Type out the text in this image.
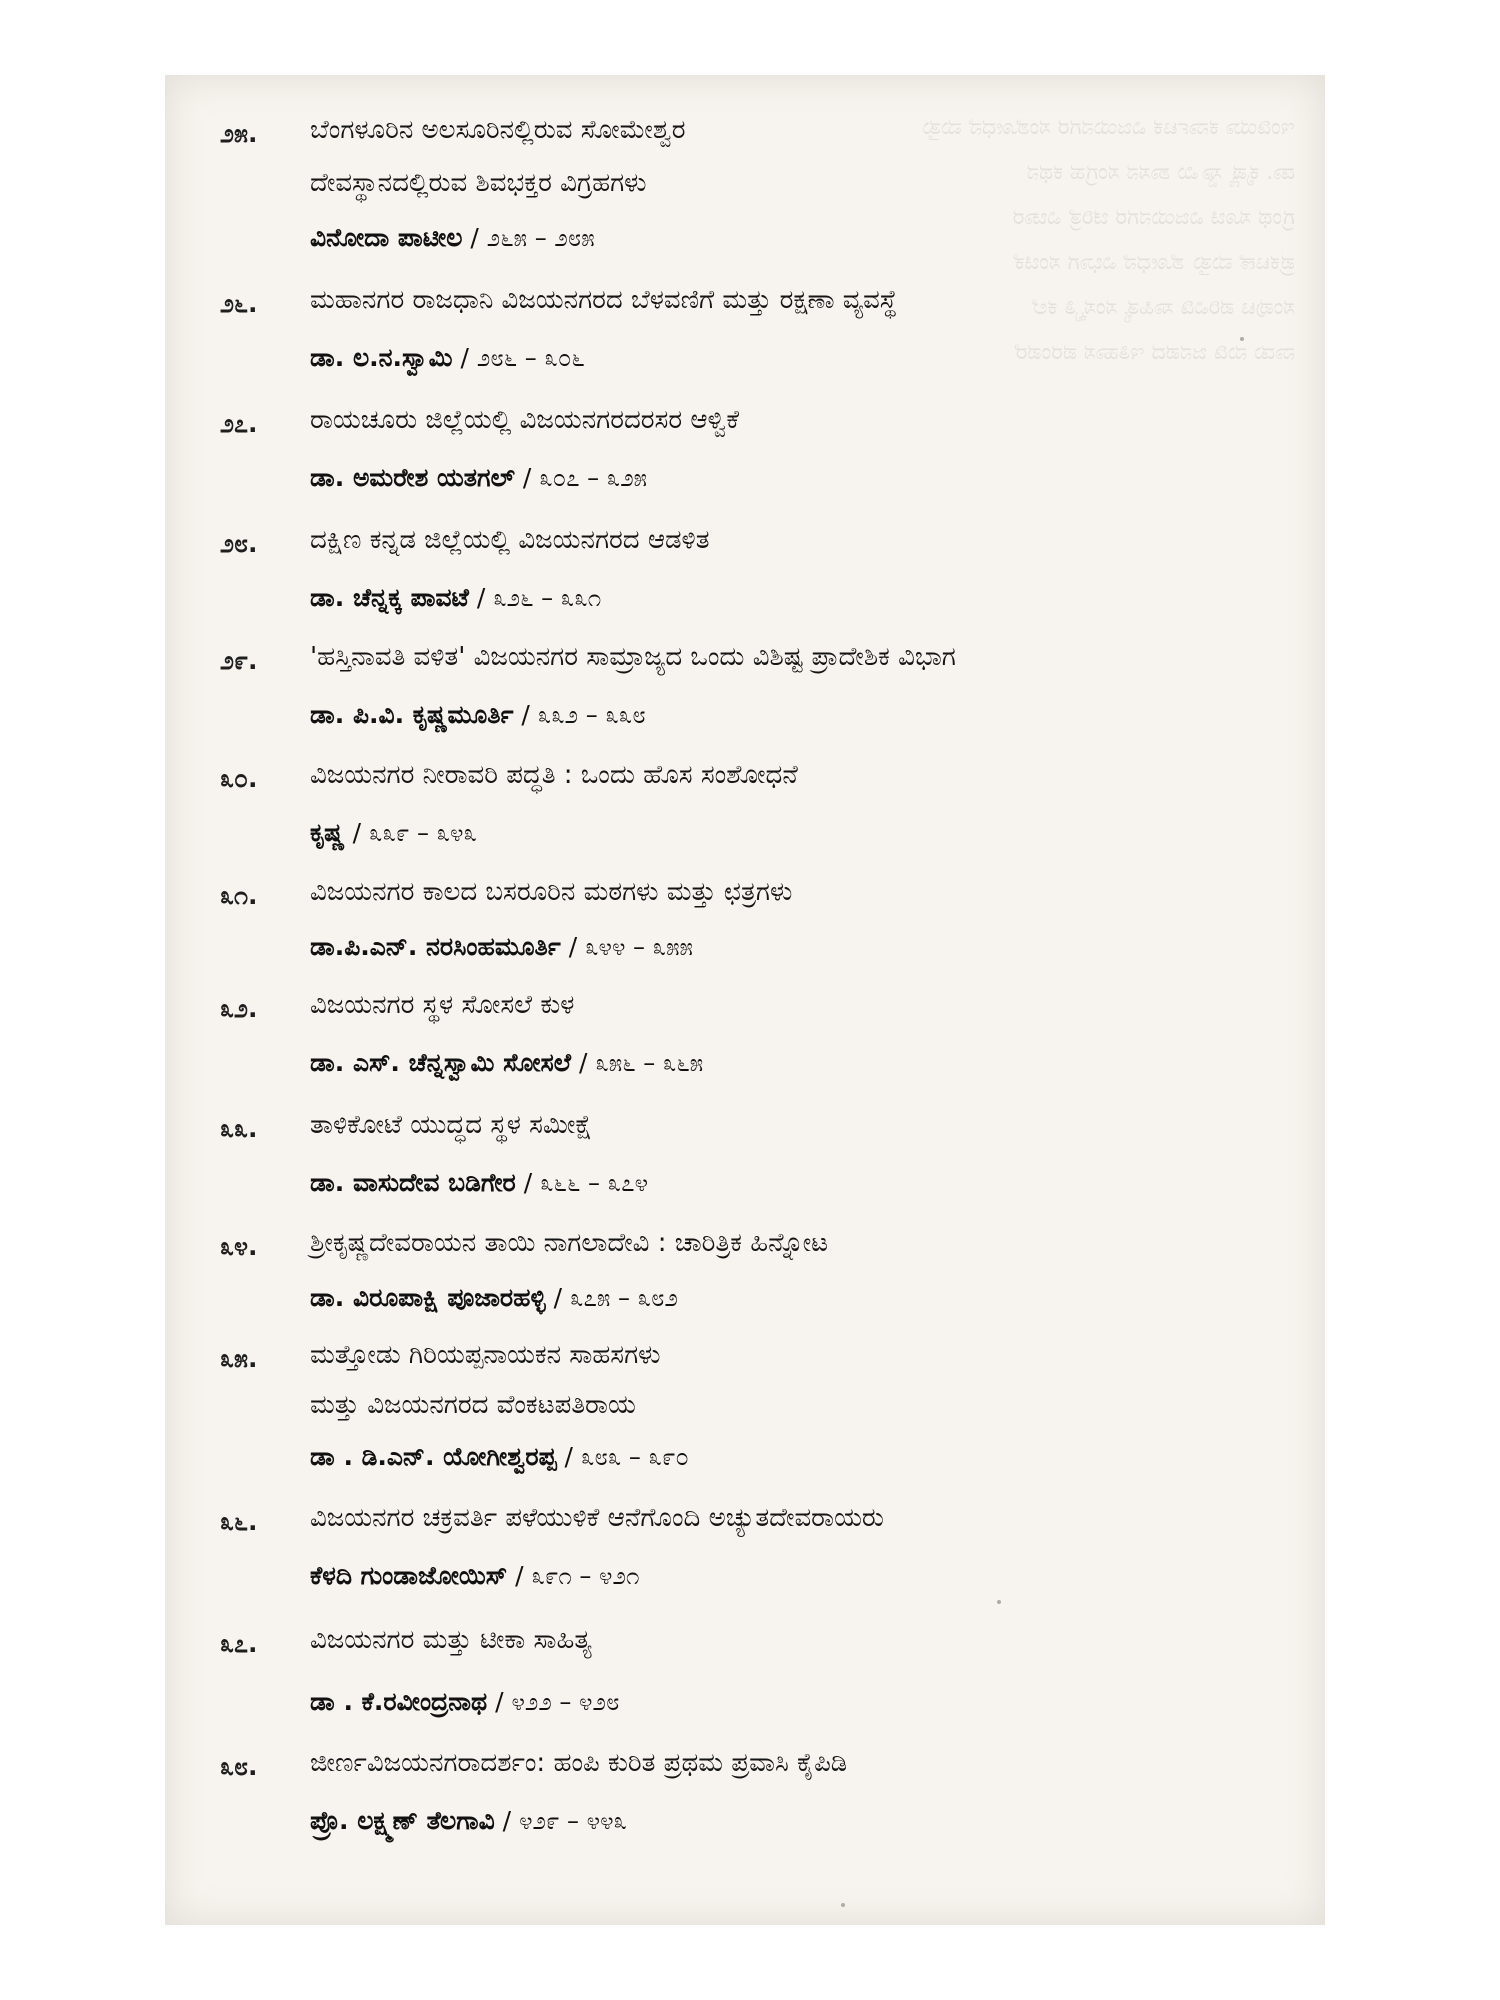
ಇಂಡಿಯಾ ಕರ್ನಾಟಕ ವಿಜಯನಗರ ಸಂಶೋಧನೆ ಮತ್ತು
ಡಾ. ಕೃಷ್ಣ ಸ್ವಾಮಿ ಶಾಸನ ಸಂಗ್ರಹ ಕಥನ
ಗ್ರಂಥ ಸೂಚಿ ವಿಜಯನಗರ ಚರಿತ್ರೆ ವಿಚಾರ
ಪ್ರಕಟಣೆ ಮತ್ತು ಶೋಧನೆ ವಿಭಾಗ ಸಂಚಿಕೆ
ಸಂಪುಟ ಪರಿವಿಡಿ ಸಾಹಿತ್ಯ ಸಂಸ್ಕೃತಿ ಕಲೆ
ನಾಡು ನುಡಿ ಜನಪದ ಇತಿಹಾಸ ಪರಂಪರೆ
೨೫. ಬೆಂಗಳೂರಿನ ಅಲಸೂರಿನಲ್ಲಿರುವ ಸೋಮೇಶ್ವರ
ದೇವಸ್ಥಾನದಲ್ಲಿರುವ ಶಿವಭಕ್ತರ ವಿಗ್ರಹಗಳು
ವಿನೋದಾ ಪಾಟೀಲ / ೨೬೫ – ೨೮೫
೨೬. ಮಹಾನಗರ ರಾಜಧಾನಿ ವಿಜಯನಗರದ ಬೆಳವಣಿಗೆ ಮತ್ತು ರಕ್ಷಣಾ ವ್ಯವಸ್ಥೆ
ಡಾ. ಲ.ನ.ಸ್ವಾಮಿ / ೨೮೬ – ೩೦೬
೨೭. ರಾಯಚೂರು ಜಿಲ್ಲೆಯಲ್ಲಿ ವಿಜಯನಗರದರಸರ ಆಳ್ವಿಕೆ
ಡಾ. ಅಮರೇಶ ಯತಗಲ್ / ೩೦೭ – ೩೨೫
೨೮. ದಕ್ಷಿಣ ಕನ್ನಡ ಜಿಲ್ಲೆಯಲ್ಲಿ ವಿಜಯನಗರದ ಆಡಳಿತ
ಡಾ. ಚೆನ್ನಕ್ಕ ಪಾವಟೆ / ೩೨೬ – ೩೩೧
೨೯. 'ಹಸ್ತಿನಾವತಿ ವಳಿತ' ವಿಜಯನಗರ ಸಾಮ್ರಾಜ್ಯದ ಒಂದು ವಿಶಿಷ್ಟ ಪ್ರಾದೇಶಿಕ ವಿಭಾಗ
ಡಾ. ಪಿ.ವಿ. ಕೃಷ್ಣಮೂರ್ತಿ / ೩೩೨ – ೩೩೮
೩೦. ವಿಜಯನಗರ ನೀರಾವರಿ ಪದ್ಧತಿ : ಒಂದು ಹೊಸ ಸಂಶೋಧನೆ
ಕೃಷ್ಣ / ೩೩೯ – ೩೪೩
೩೧. ವಿಜಯನಗರ ಕಾಲದ ಬಸರೂರಿನ ಮಠಗಳು ಮತ್ತು ಛತ್ರಗಳು
ಡಾ.ಪಿ.ಎನ್. ನರಸಿಂಹಮೂರ್ತಿ / ೩೪೪ – ೩೫೫
೩೨. ವಿಜಯನಗರ ಸ್ಥಳ ಸೋಸಲೆ ಕುಳ
ಡಾ. ಎಸ್. ಚೆನ್ನಸ್ವಾಮಿ ಸೋಸಲೆ / ೩೫೬ – ೩೬೫
೩೩. ತಾಳಿಕೋಟೆ ಯುದ್ಧದ ಸ್ಥಳ ಸಮೀಕ್ಷೆ
ಡಾ. ವಾಸುದೇವ ಬಡಿಗೇರ / ೩೬೬ – ೩೭೪
೩೪. ಶ್ರೀಕೃಷ್ಣದೇವರಾಯನ ತಾಯಿ ನಾಗಲಾದೇವಿ : ಚಾರಿತ್ರಿಕ ಹಿನ್ನೋಟ
ಡಾ. ವಿರೂಪಾಕ್ಷಿ ಪೂಜಾರಹಳ್ಳಿ / ೩೭೫ – ೩೮೨
೩೫. ಮತ್ತೋಡು ಗಿರಿಯಪ್ಪನಾಯಕನ ಸಾಹಸಗಳು
ಮತ್ತು ವಿಜಯನಗರದ ವೆಂಕಟಪತಿರಾಯ
ಡಾ . ಡಿ.ಎನ್. ಯೋಗೀಶ್ವರಪ್ಪ / ೩೮೩ – ೩೯೦
೩೬. ವಿಜಯನಗರ ಚಕ್ರವರ್ತಿ ಪಳೆಯುಳಿಕೆ ಆನೆಗೊಂದಿ ಅಚ್ಯುತದೇವರಾಯರು
ಕೆಳದಿ ಗುಂಡಾಜೋಯಿಸ್ / ೩೯೧ – ೪೨೧
೩೭. ವಿಜಯನಗರ ಮತ್ತು ಟೀಕಾ ಸಾಹಿತ್ಯ
ಡಾ . ಕೆ.ರವೀಂದ್ರನಾಥ / ೪೨೨ – ೪೨೮
೩೮. ಜೀರ್ಣವಿಜಯನಗರಾದರ್ಶಂ: ಹಂಪಿ ಕುರಿತ ಪ್ರಥಮ ಪ್ರವಾಸಿ ಕೈಪಿಡಿ
ಪ್ರೊ. ಲಕ್ಷ್ಮಣ್ ತೆಲಗಾವಿ / ೪೨೯ – ೪೪೩
